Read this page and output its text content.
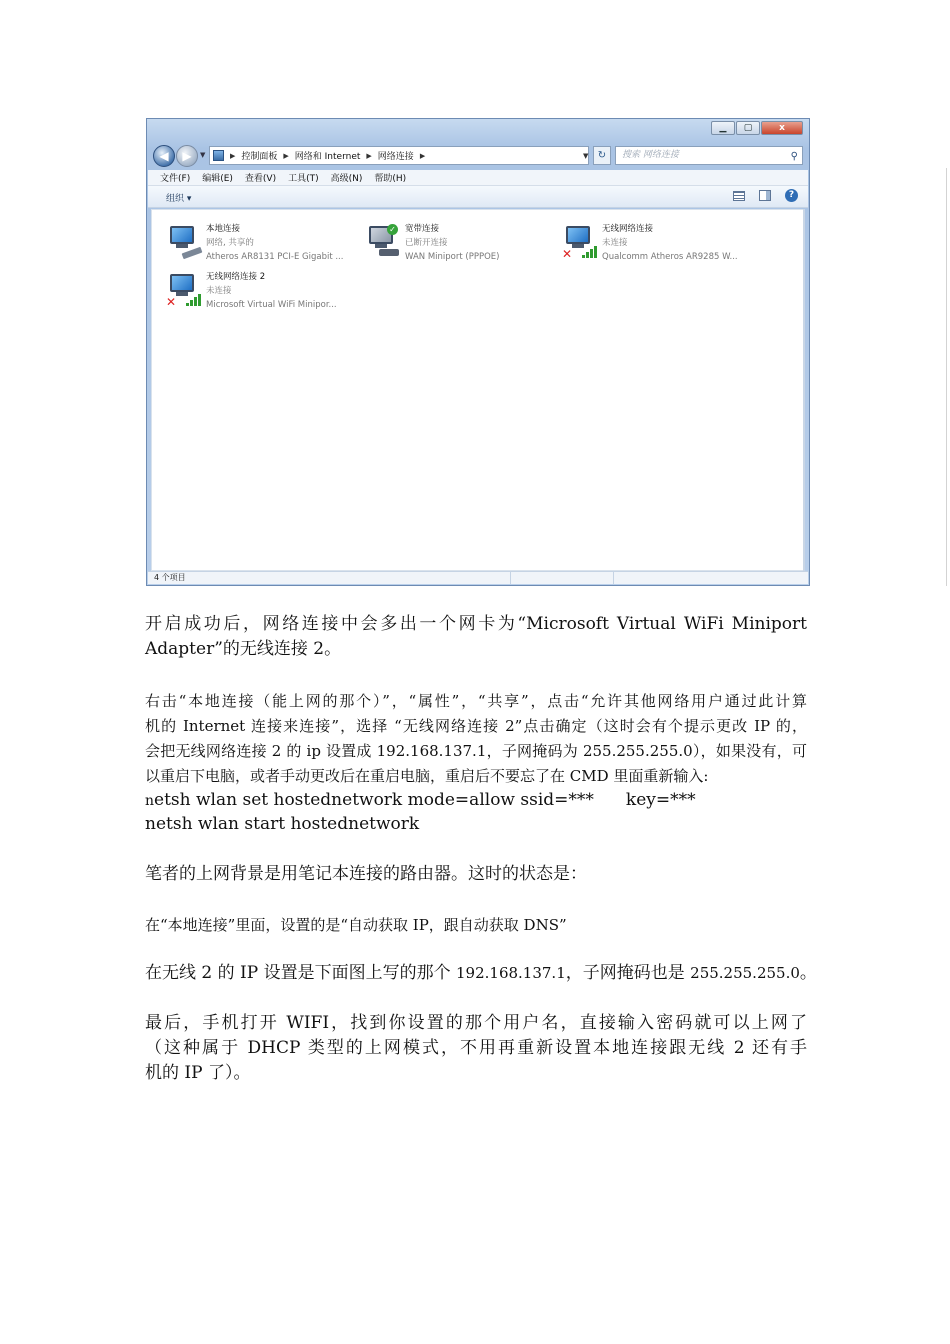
▁	▢	x
◀	▶	▼	▶ 控制面板 ▶ 网络和 Internet ▶ 网络连接 ▶	▼ ↻	搜索 网络连接	⚲
文件(F) 编辑(E) 查看(V) 工具(T) 高级(N) 帮助(H)
组织 ▾	?
本地连接
网络, 共享的
Atheros AR8131 PCI-E Gigabit ...
✓ 宽带连接
已断开连接
WAN Miniport (PPPOE)	✕
无线网络连接
未连接
Qualcomm Atheros AR9285 W...
✕
无线网络连接 2
未连接
Microsoft Virtual WiFi Minipor...
4 个项目

开启成功后，网络连接中会多出一个网卡为“Microsoft Virtual WiFi Miniport

Adapter”的无线连接 2。

右击“本地连接（能上网的那个）”，“属性”，“共享”，点击“允许其他网络用户通过此计算

机的 Internet 连接来连接”，选择 “无线网络连接 2”点击确定（这时会有个提示更改 IP 的，

会把无线网络连接 2 的 ip 设置成 192.168.137.1，子网掩码为 255.255.255.0），如果没有，可

以重启下电脑，或者手动更改后在重启电脑，重启后不要忘了在 CMD 里面重新输入:

netsh wlan set hostednetwork mode=allow ssid=*** key=***

netsh wlan start hostednetwork

笔者的上网背景是用笔记本连接的路由器。这时的状态是：

在“本地连接”里面，设置的是“自动获取 IP，跟自动获取 DNS”

在无线 2 的 IP 设置是下面图上写的那个 192.168.137.1，子网掩码也是 255.255.255.0。

最后，手机打开 WIFI，找到你设置的那个用户名，直接输入密码就可以上网了

（这种属于 DHCP 类型的上网模式，不用再重新设置本地连接跟无线 2 还有手

机的 IP 了）。
